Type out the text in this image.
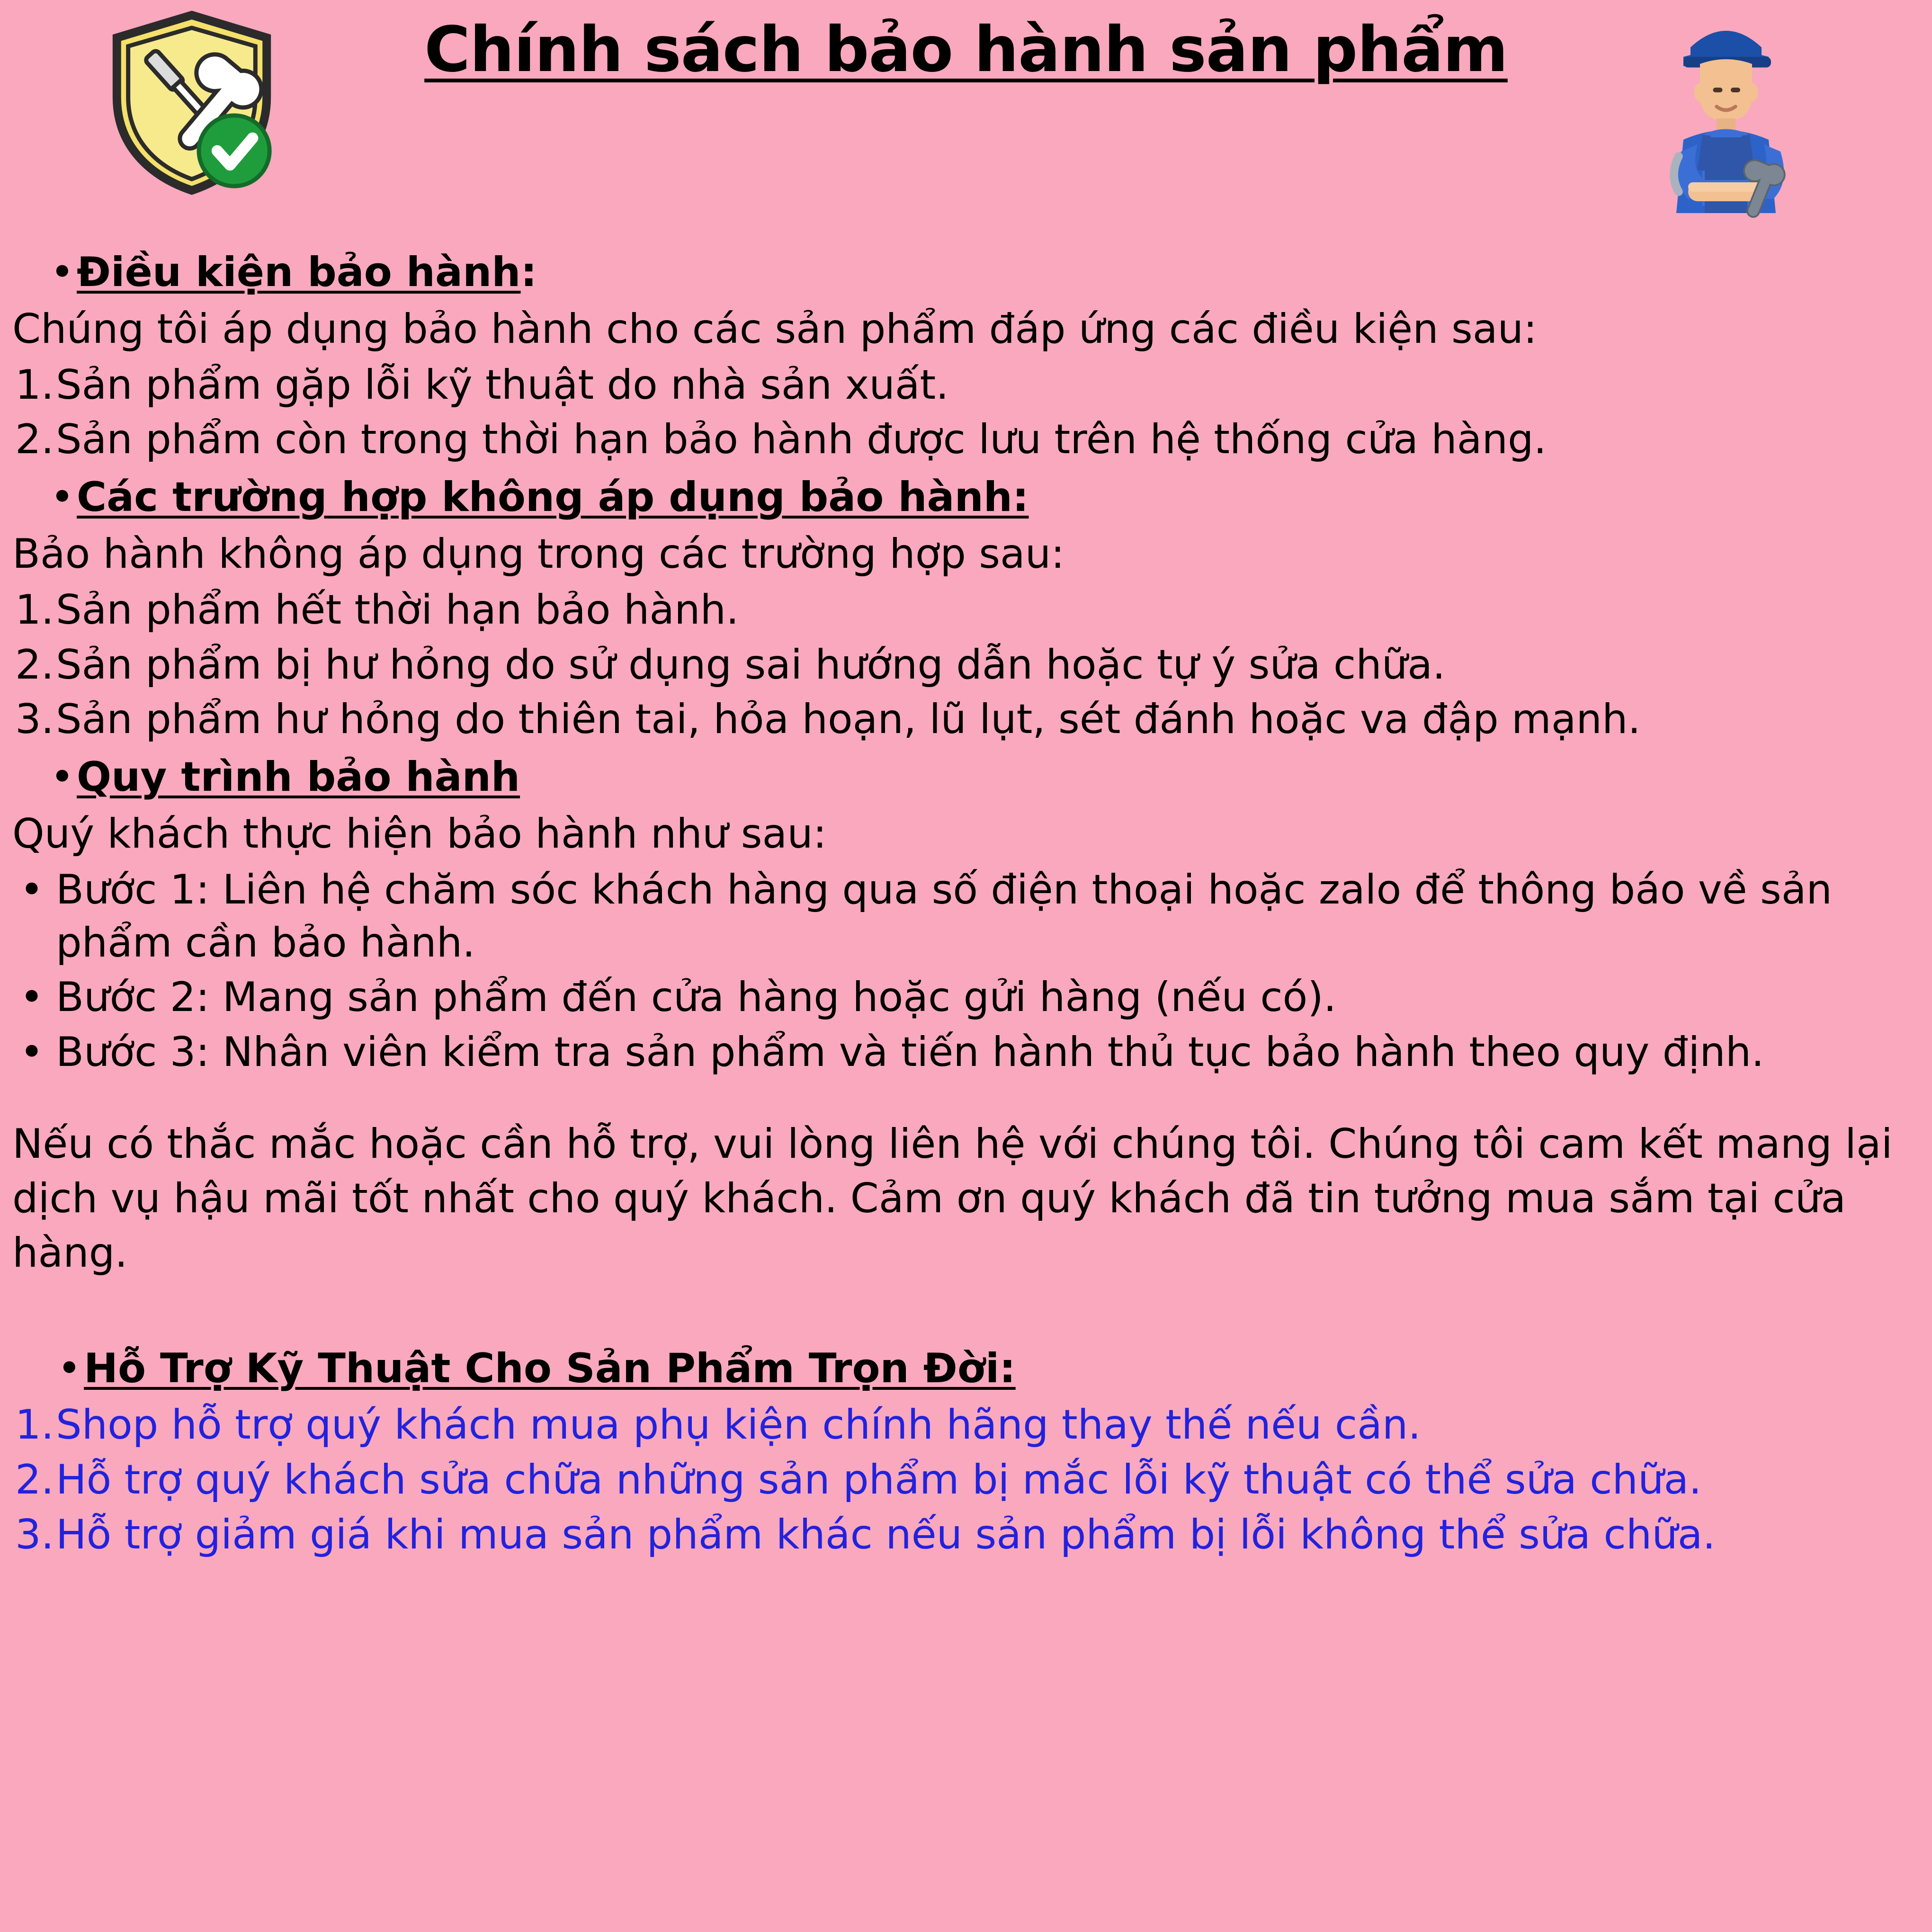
Chính sách bảo hành sản phẩm
• Điều kiện bảo hành:

Chúng tôi áp dụng bảo hành cho các sản phẩm đáp ứng các điều kiện sau:

1. Sản phẩm gặp lỗi kỹ thuật do nhà sản xuất.
2. Sản phẩm còn trong thời hạn bảo hành được lưu trên hệ thống cửa hàng.
• Các trường hợp không áp dụng bảo hành:

Bảo hành không áp dụng trong các trường hợp sau:

1. Sản phẩm hết thời hạn bảo hành.
2. Sản phẩm bị hư hỏng do sử dụng sai hướng dẫn hoặc tự ý sửa chữa.
3. Sản phẩm hư hỏng do thiên tai, hỏa hoạn, lũ lụt, sét đánh hoặc va đập mạnh.
• Quy trình bảo hành

Quý khách thực hiện bảo hành như sau:

• Bước 1: Liên hệ chăm sóc khách hàng qua số điện thoại hoặc zalo để thông báo về sản phẩm cần bảo hành.
• Bước 2: Mang sản phẩm đến cửa hàng hoặc gửi hàng (nếu có).
• Bước 3: Nhân viên kiểm tra sản phẩm và tiến hành thủ tục bảo hành theo quy định.

Nếu có thắc mắc hoặc cần hỗ trợ, vui lòng liên hệ với chúng tôi. Chúng tôi cam kết mang lại dịch vụ hậu mãi tốt nhất cho quý khách. Cảm ơn quý khách đã tin tưởng mua sắm tại cửa hàng.

• Hỗ Trợ Kỹ Thuật Cho Sản Phẩm Trọn Đời:
1. Shop hỗ trợ quý khách mua phụ kiện chính hãng thay thế nếu cần.
2. Hỗ trợ quý khách sửa chữa những sản phẩm bị mắc lỗi kỹ thuật có thể sửa chữa.
3. Hỗ trợ giảm giá khi mua sản phẩm khác nếu sản phẩm bị lỗi không thể sửa chữa.
